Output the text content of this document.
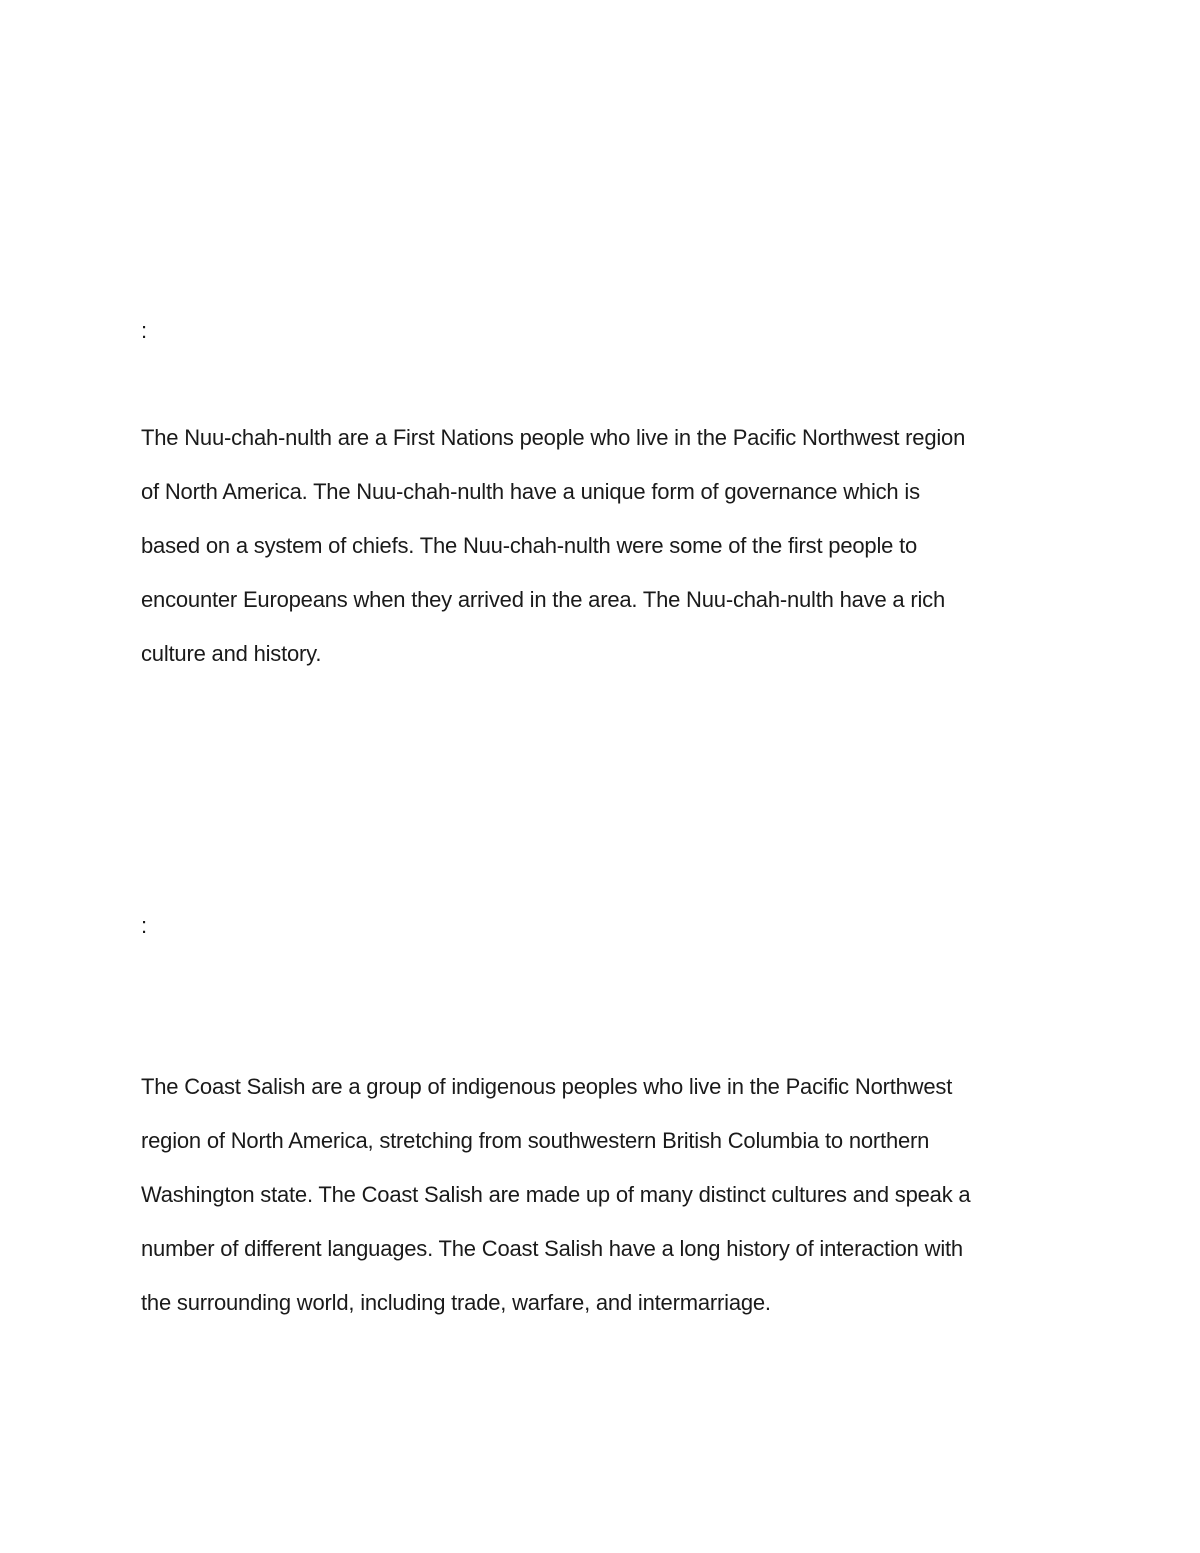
:

The Nuu-chah-nulth are a First Nations people who live in the Pacific Northwest region
of North America. The Nuu-chah-nulth have a unique form of governance which is
based on a system of chiefs. The Nuu-chah-nulth were some of the first people to
encounter Europeans when they arrived in the area. The Nuu-chah-nulth have a rich
culture and history.

:

The Coast Salish are a group of indigenous peoples who live in the Pacific Northwest
region of North America, stretching from southwestern British Columbia to northern
Washington state. The Coast Salish are made up of many distinct cultures and speak a
number of different languages. The Coast Salish have a long history of interaction with
the surrounding world, including trade, warfare, and intermarriage.
